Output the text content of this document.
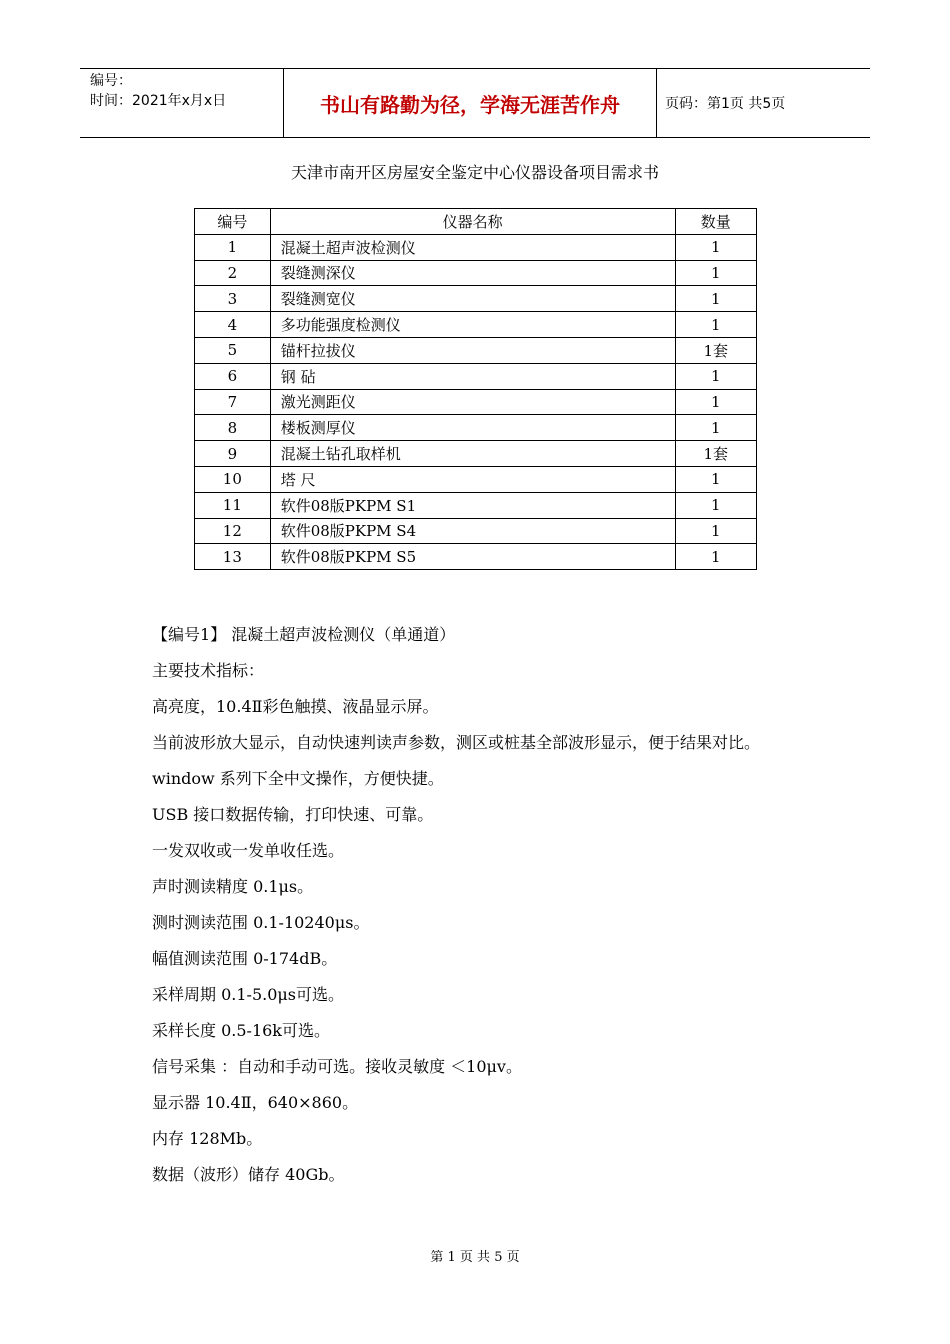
编号：
时间：2021年x月x日	书山有路勤为径，学海无涯苦作舟	页码：第1页 共5页
天津市南开区房屋安全鉴定中心仪器设备项目需求书
编号	仪器名称	数量
1	混凝土超声波检测仪	1
2	裂缝测深仪	1
3	裂缝测宽仪	1
4	多功能强度检测仪	1
5	锚杆拉拔仪	1套
6	钢 砧	1
7	激光测距仪	1
8	楼板测厚仪	1
9	混凝土钻孔取样机	1套
10	塔 尺	1
11	软件08版PKPM S1	1
12	软件08版PKPM S4	1
13	软件08版PKPM S5	1

【编号1】 混凝土超声波检测仪（单通道）

主要技术指标：

高亮度，10.4Ⅱ彩色触摸、液晶显示屏。

当前波形放大显示，自动快速判读声参数，测区或桩基全部波形显示，便于结果对比。

window 系列下全中文操作，方便快捷。

USB 接口数据传输，打印快速、可靠。

一发双收或一发单收任选。

声时测读精度 0.1μs。

测时测读范围 0.1-10240μs。

幅值测读范围 0-174dB。

采样周期 0.1-5.0μs可选。

采样长度 0.5-16k可选。

信号采集 ：自动和手动可选。接收灵敏度 ＜10μv。

显示器 10.4Ⅱ，640×860。

内存 128Mb。

数据（波形）储存 40Gb。

第 1 页 共 5 页
